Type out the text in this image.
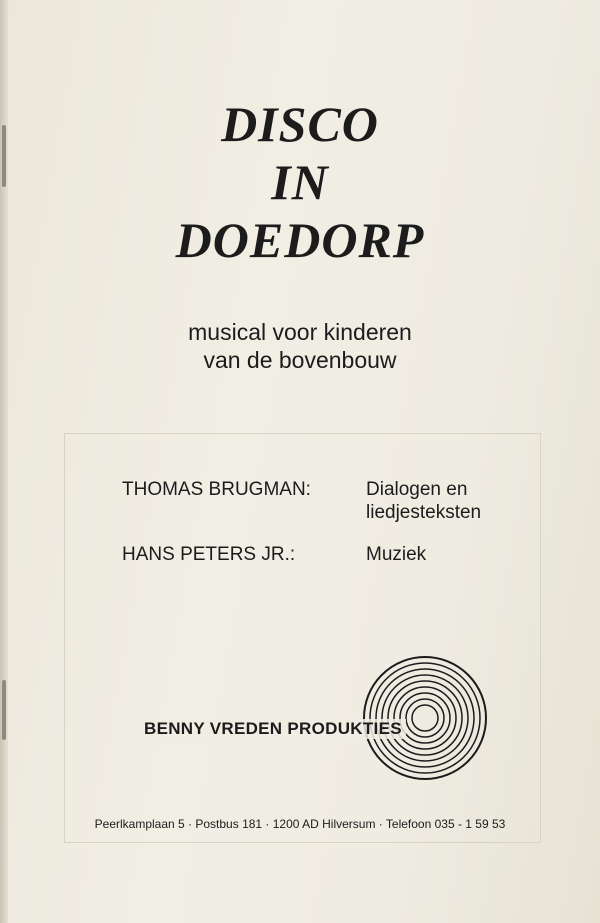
DISCO
IN
DOEDORP
musical voor kinderen
van de bovenbouw
THOMAS BRUGMAN:	Dialogen en
liedjesteksten
HANS PETERS JR.:	Muziek
BENNY VREDEN PRODUKTIES
Peerlkamplaan 5 · Postbus 181 · 1200 AD Hilversum · Telefoon 035 - 1 59 53
